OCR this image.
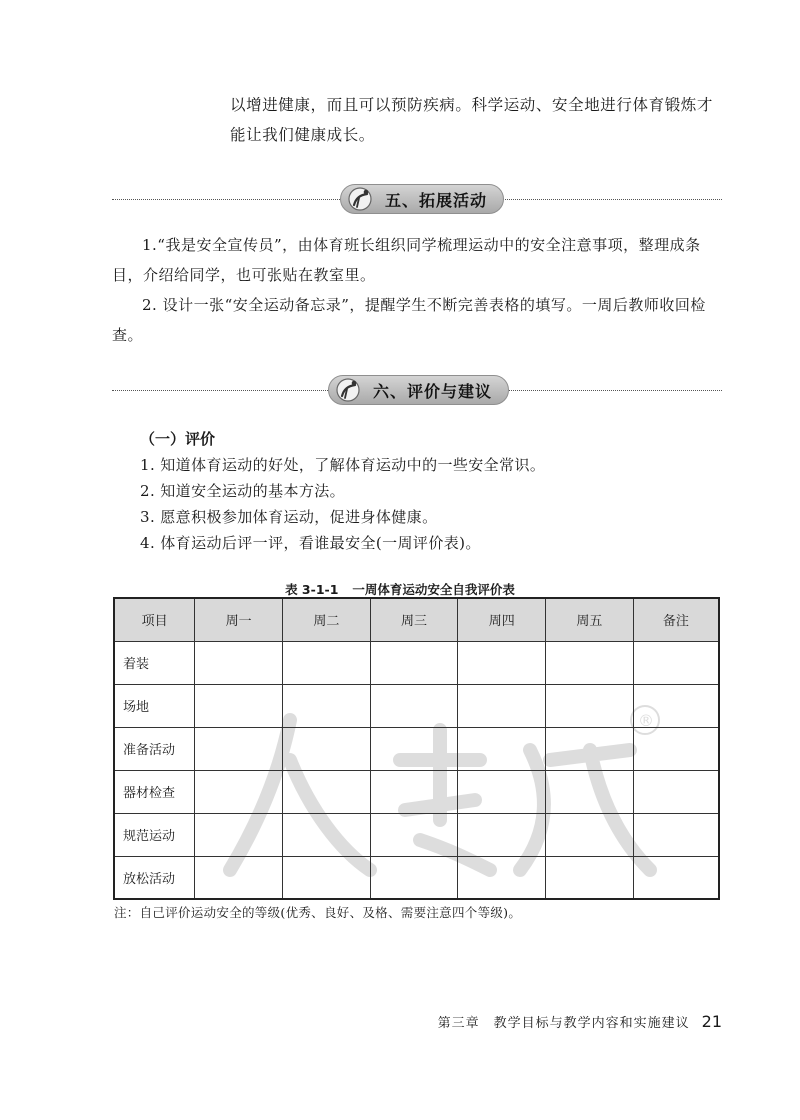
以增进健康，而且可以预防疾病。科学运动、安全地进行体育锻炼才
能让我们健康成长。
五、拓展活动

1.“我是安全宣传员”，由体育班长组织同学梳理运动中的安全注意事项，整理成条目，介绍给同学，也可张贴在教室里。

2. 设计一张“安全运动备忘录”，提醒学生不断完善表格的填写。一周后教师收回检查。

六、评价与建议
（一）评价
1. 知道体育运动的好处，了解体育运动中的一些安全常识。
2. 知道安全运动的基本方法。
3. 愿意积极参加体育运动，促进身体健康。
4. 体育运动后评一评，看谁最安全(一周评价表)。
表 3-1-1 一周体育运动安全自我评价表
®
项目	周一	周二	周三	周四	周五	备注
着装						
场地						
准备活动						
器材检查						
规范运动						
放松活动						
注：自己评价运动安全的等级(优秀、良好、及格、需要注意四个等级)。
第三章　教学目标与教学内容和实施建议 21
